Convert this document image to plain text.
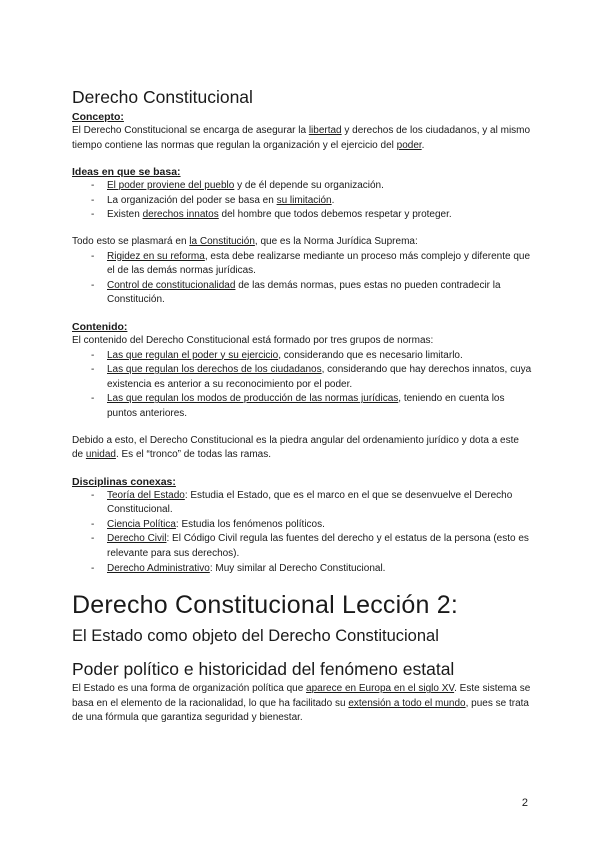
Derecho Constitucional
Concepto:

El Derecho Constitucional se encarga de asegurar la libertad y derechos de los ciudadanos, y al mismo tiempo contiene las normas que regulan la organización y el ejercicio del poder.

Ideas en que se basa:
- El poder proviene del pueblo y de él depende su organización.
- La organización del poder se basa en su limitación.
- Existen derechos innatos del hombre que todos debemos respetar y proteger.

Todo esto se plasmará en la Constitución, que es la Norma Jurídica Suprema:

- Rigidez en su reforma, esta debe realizarse mediante un proceso más complejo y diferente que el de las demás normas jurídicas.
- Control de constitucionalidad de las demás normas, pues estas no pueden contradecir la Constitución.
Contenido:

El contenido del Derecho Constitucional está formado por tres grupos de normas:

- Las que regulan el poder y su ejercicio, considerando que es necesario limitarlo.
- Las que regulan los derechos de los ciudadanos, considerando que hay derechos innatos, cuya existencia es anterior a su reconocimiento por el poder.
- Las que regulan los modos de producción de las normas jurídicas, teniendo en cuenta los puntos anteriores.

Debido a esto, el Derecho Constitucional es la piedra angular del ordenamiento jurídico y dota a este de unidad. Es el “tronco” de todas las ramas.

Disciplinas conexas:
- Teoría del Estado: Estudia el Estado, que es el marco en el que se desenvuelve el Derecho Constitucional.
- Ciencia Política: Estudia los fenómenos políticos.
- Derecho Civil: El Código Civil regula las fuentes del derecho y el estatus de la persona (esto es relevante para sus derechos).
- Derecho Administrativo: Muy similar al Derecho Constitucional.
Derecho Constitucional Lección 2:
El Estado como objeto del Derecho Constitucional
Poder político e historicidad del fenómeno estatal

El Estado es una forma de organización política que aparece en Europa en el siglo XV. Este sistema se basa en el elemento de la racionalidad, lo que ha facilitado su extensión a todo el mundo, pues se trata de una fórmula que garantiza seguridad y bienestar.

2
